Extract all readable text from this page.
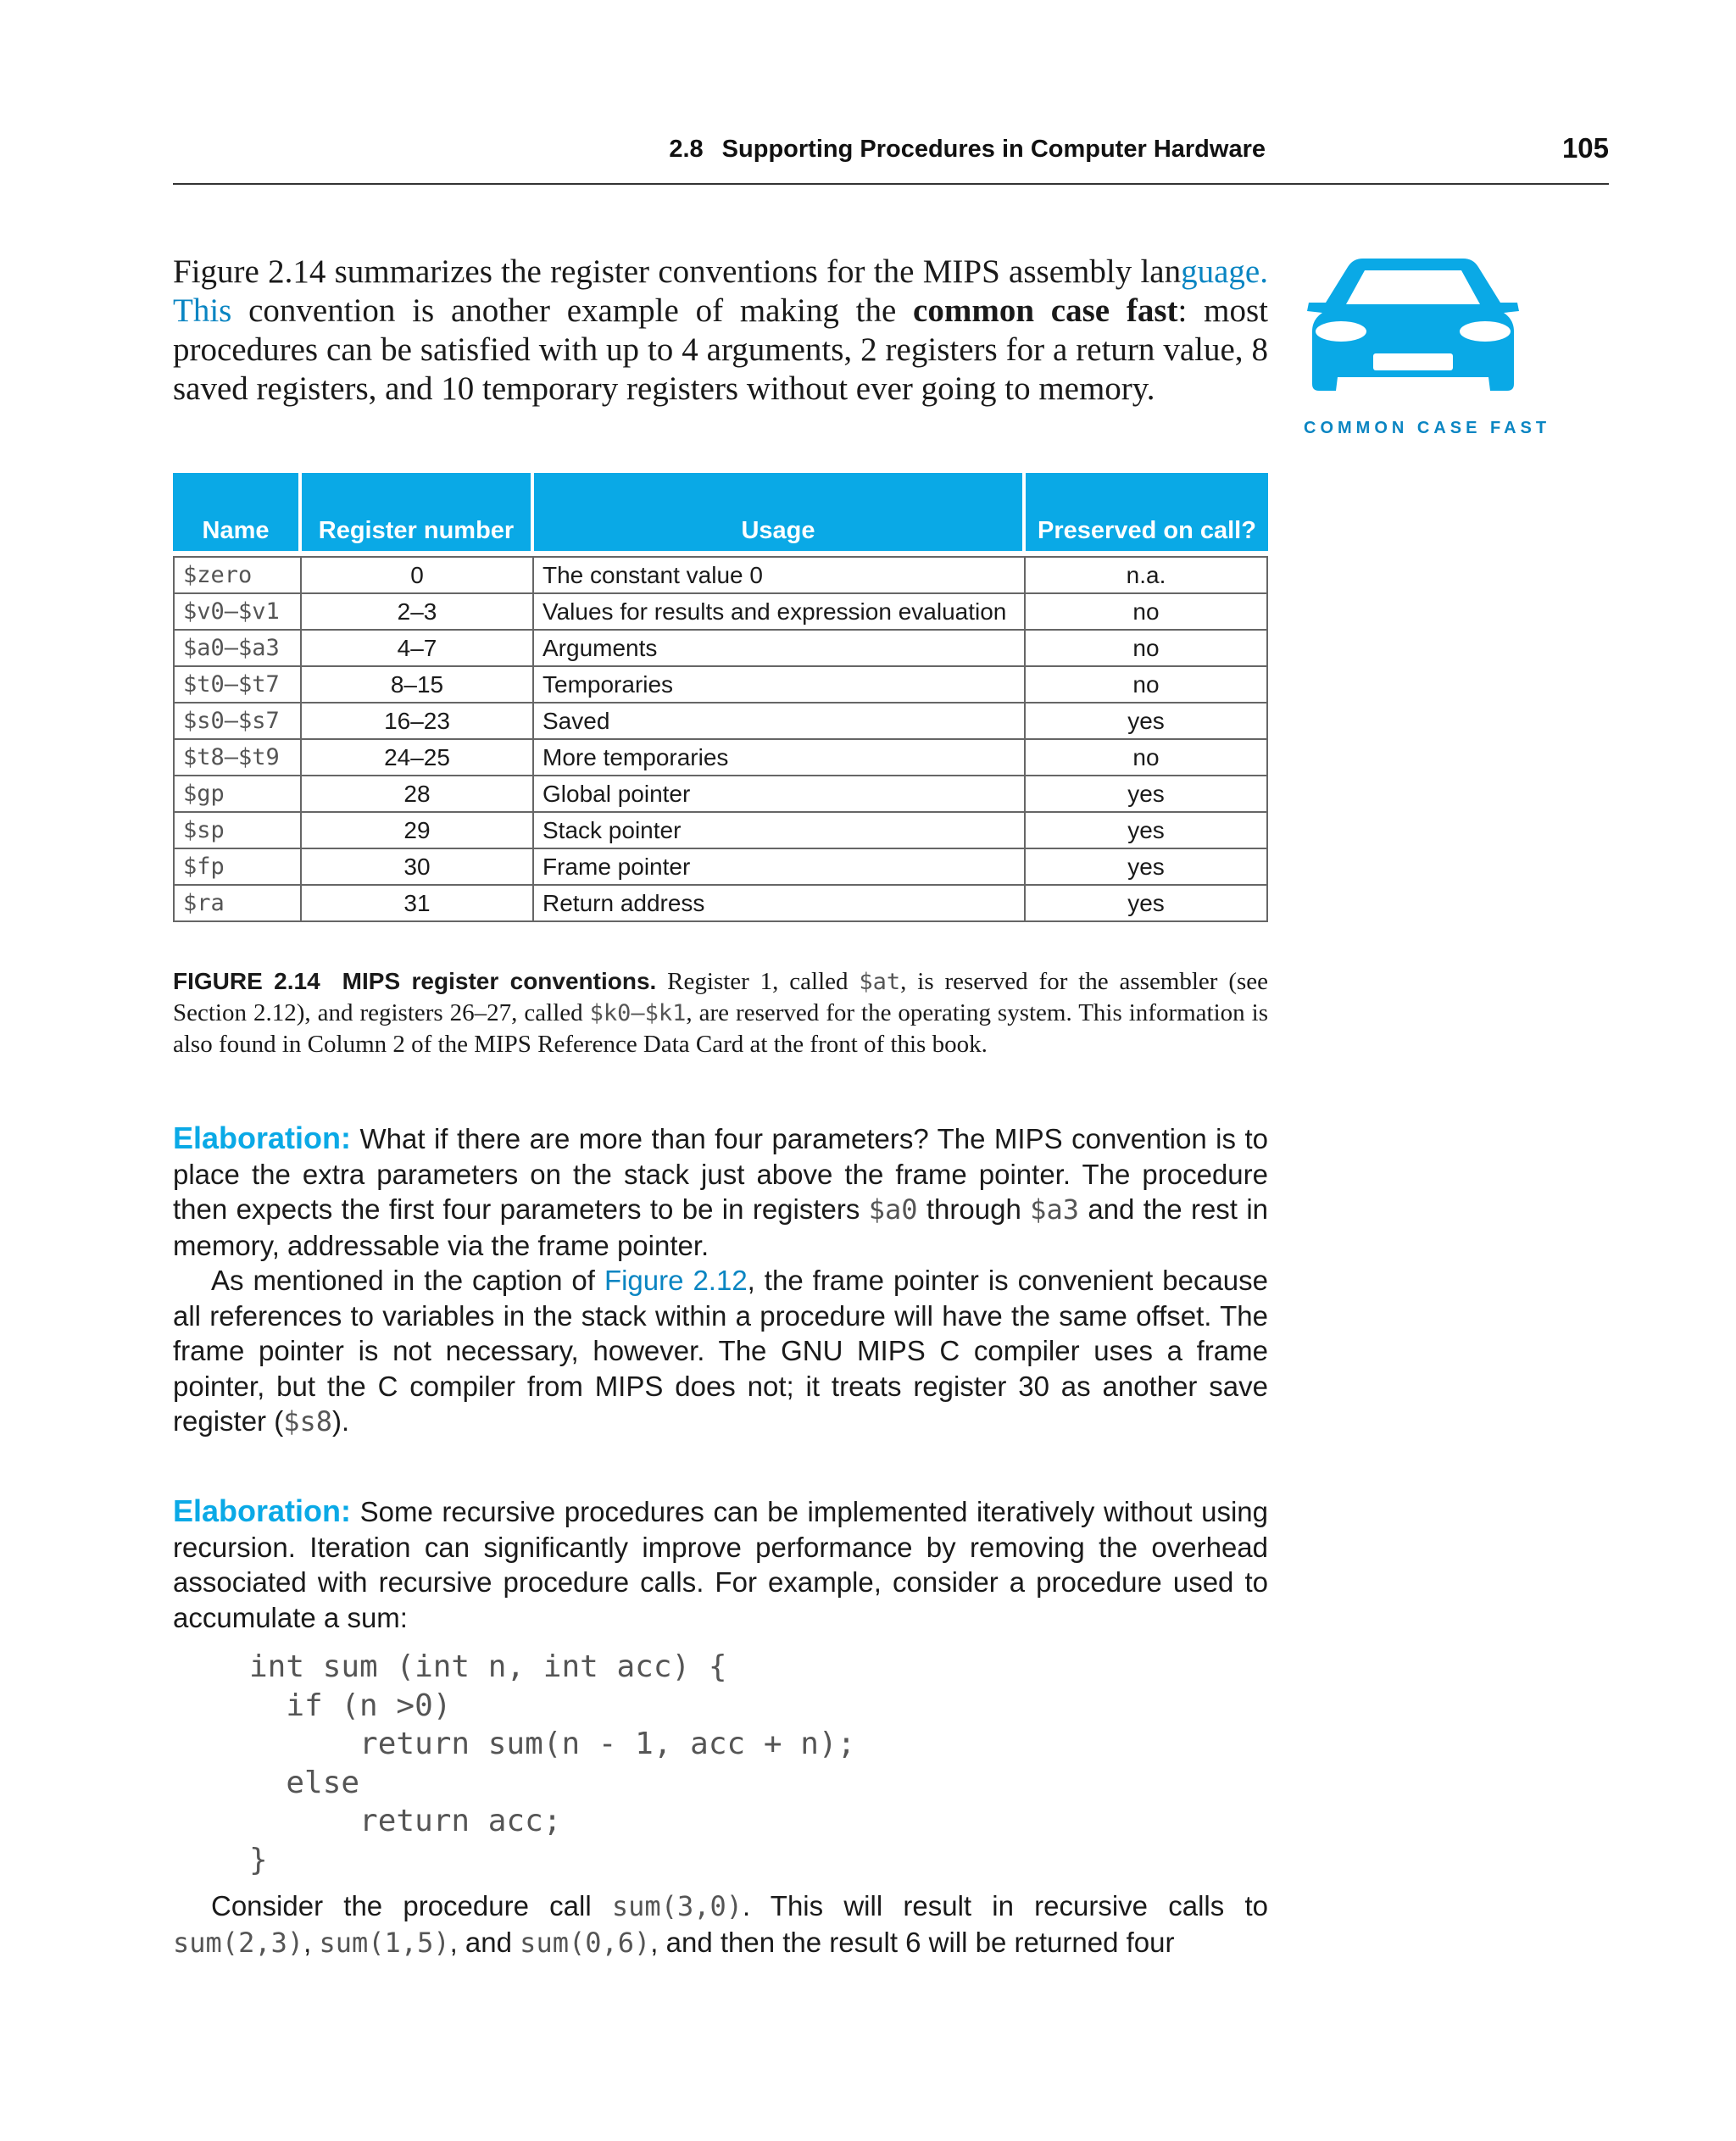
2.8 Supporting Procedures in Computer Hardware	105

Figure 2.14 summarizes the register conventions for the MIPS assembly language. This convention is another example of making the common case fast: most procedures can be satisfied with up to 4 arguments, 2 registers for a return value, 8 saved registers, and 10 temporary registers without ever going to memory.

COMMON CASE FAST
Name	Register number	Usage	Preserved on call?
$zero	0	The constant value 0	n.a.
$v0–$v1	2–3	Values for results and expression evaluation	no
$a0–$a3	4–7	Arguments	no
$t0–$t7	8–15	Temporaries	no
$s0–$s7	16–23	Saved	yes
$t8–$t9	24–25	More temporaries	no
$gp	28	Global pointer	yes
$sp	29	Stack pointer	yes
$fp	30	Frame pointer	yes
$ra	31	Return address	yes

FIGURE 2.14 MIPS register conventions. Register 1, called $at, is reserved for the assembler (see Section 2.12), and registers 26–27, called $k0–$k1, are reserved for the operating system. This information is also found in Column 2 of the MIPS Reference Data Card at the front of this book.

Elaboration: What if there are more than four parameters? The MIPS convention is to place the extra parameters on the stack just above the frame pointer. The procedure then expects the first four parameters to be in registers $a0 through $a3 and the rest in memory, addressable via the frame pointer.

As mentioned in the caption of Figure 2.12, the frame pointer is convenient because all references to variables in the stack within a procedure will have the same offset. The frame pointer is not necessary, however. The GNU MIPS C compiler uses a frame pointer, but the C compiler from MIPS does not; it treats register 30 as another save register ($s8).

Elaboration: Some recursive procedures can be implemented iteratively without using recursion. Iteration can significantly improve performance by removing the overhead associated with recursive procedure calls. For example, consider a procedure used to accumulate a sum:

int sum (int n, int acc) {
if (n >0)
return sum(n - 1, acc + n);
else
return acc;
}

Consider the procedure call sum(3,0). This will result in recursive calls to sum(2,3), sum(1,5), and sum(0,6), and then the result 6 will be returned four
